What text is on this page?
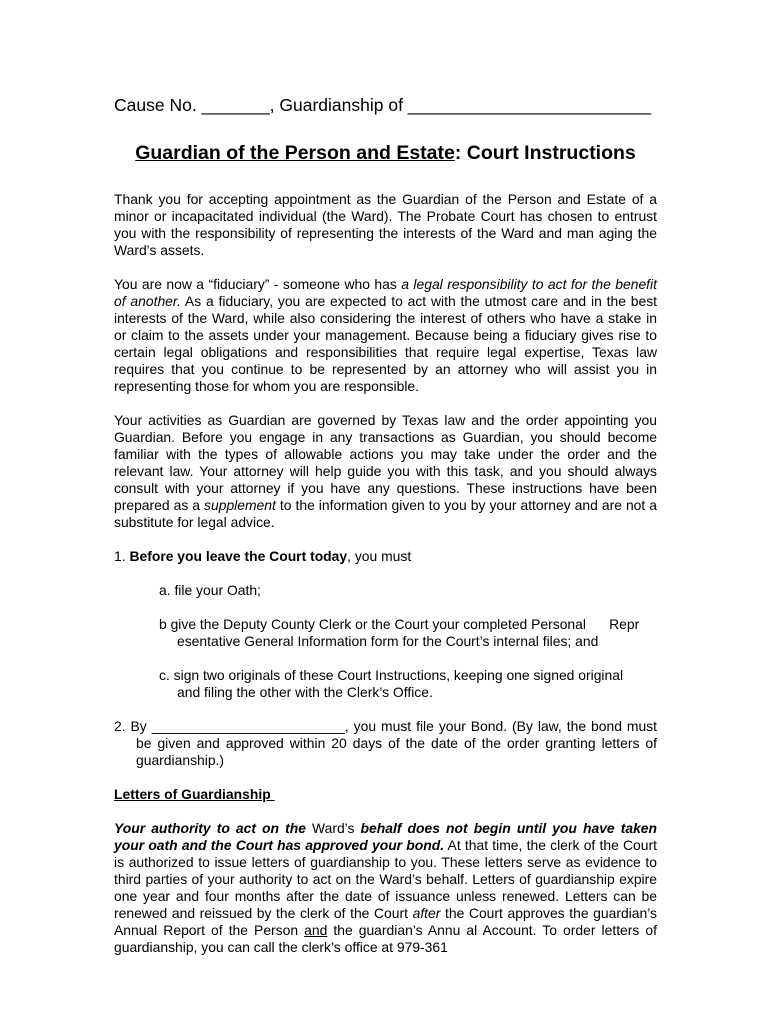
Cause No. _______, Guardianship of _________________________

Guardian of the Person and Estate: Court Instructions

Thank you for accepting appointment as the Guardian of the Person and Estate of a minor or incapacitated individual (the Ward). The Probate Court has chosen to entrust you with the responsibility of representing the interests of the Ward and man aging the Ward’s assets.

You are now a “fiduciary” - someone who has a legal responsibility to act for the benefit of another. As a fiduciary, you are expected to act with the utmost care and in the best interests of the Ward, while also considering the interest of others who have a stake in or claim to the assets under your management. Because being a fiduciary gives rise to certain legal obligations and responsibilities that require legal expertise, Texas law requires that you continue to be represented by an attorney who will assist you in representing those for whom you are responsible.

Your activities as Guardian are governed by Texas law and the order appointing you Guardian. Before you engage in any transactions as Guardian, you should become familiar with the types of allowable actions you may take under the order and the relevant law. Your attorney will help guide you with this task, and you should always consult with your attorney if you have any questions. These instructions have been prepared as a supplement to the information given to you by your attorney and are not a substitute for legal advice.

1. Before you leave the Court today, you must

a. file your Oath;

b give the Deputy County Clerk or the Court your completed Personal      Repr
esentative General Information form for the Court’s internal files; and

c. sign two originals of these Court Instructions, keeping one signed original
and filing the other with the Clerk’s Office.

2. By _________________________, you must file your Bond. (By law, the bond must be given and approved within 20 days of the date of the order granting letters of guardianship.)

Letters of Guardianship

Your authority to act on the Ward’s behalf does not begin until you have taken your oath and the Court has approved your bond. At that time, the clerk of the Court is authorized to issue letters of guardianship to you. These letters serve as evidence to third parties of your authority to act on the Ward’s behalf. Letters of guardianship expire one year and four months after the date of issuance unless renewed. Letters can be renewed and reissued by the clerk of the Court after the Court approves the guardian’s Annual Report of the Person and the guardian’s Annu al Account. To order letters of guardianship, you can call the clerk’s office at 979-361
